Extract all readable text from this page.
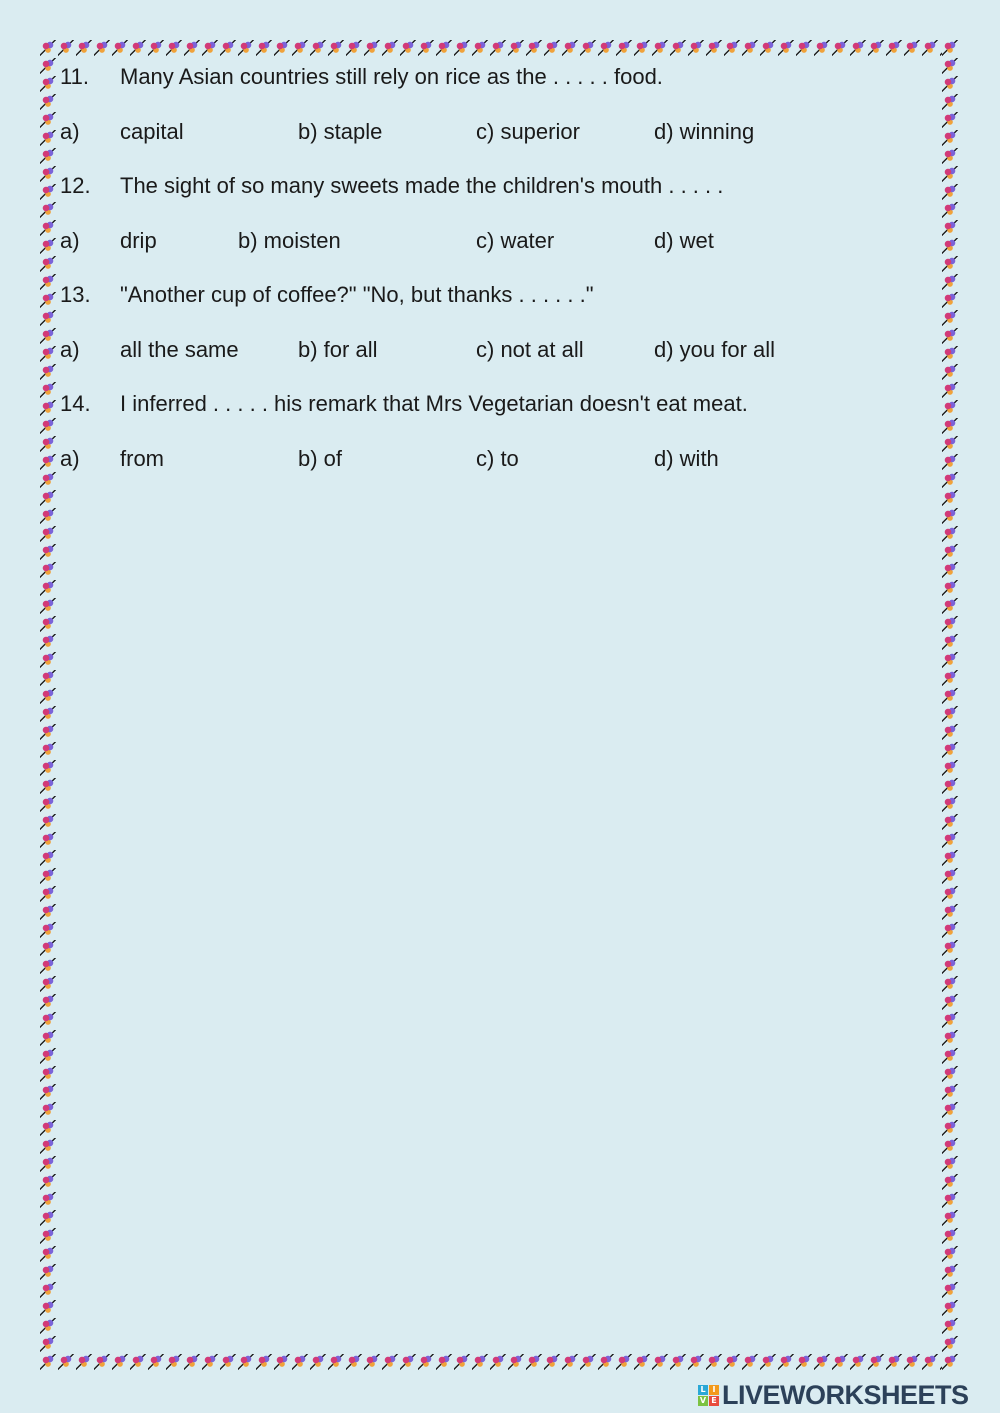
11. Many Asian countries still rely on rice as the . . . . . food.
a) capital	b) staple	c) superior	d) winning
12. The sight of so many sweets made the children's mouth . . . . .
a) drip	b) moisten	c) water	d) wet
13. "Another cup of coffee?" "No, but thanks . . . . . ."
a) all the same	b) for all	c) not at all	d) you for all
14. I inferred . . . . . his remark that Mrs Vegetarian doesn't eat meat.
a) from	b) of	c) to	d) with
L I
V E LIVEWORKSHEETS
